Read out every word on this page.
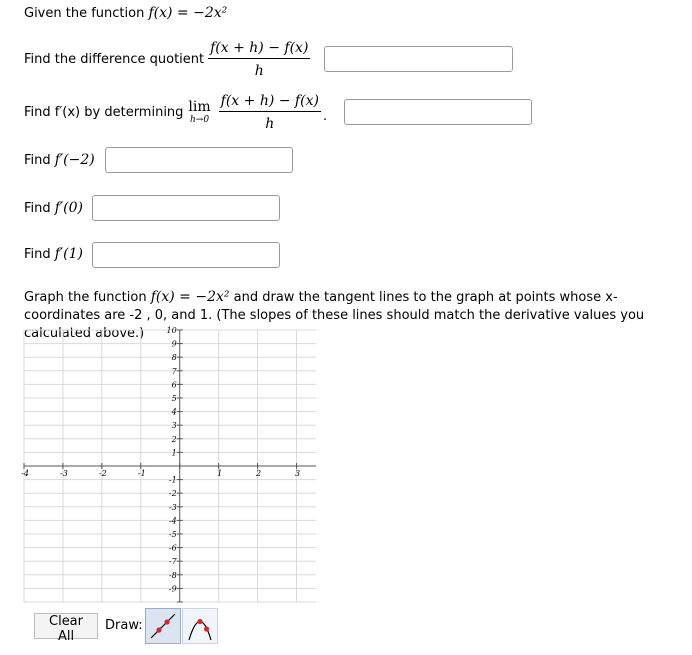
Given the function
f(x) = −2x²
Find the difference quotient $\frac{f(x + h) - f(x)}{h}$
Find f′(x) by determining lim
$h\to 0 \frac{f(x + h) - f(x)}{h}$ .
Find
f′(−2)
Find
f′(0)
Find
f′(1)
Graph the function f(x) = −2x² and draw the tangent lines to the graph at points whose x-coordinates are -2 , 0, and 1. (The slopes of these lines should match the derivative values you calculated above.)
-4	-3	-2	-1	1	2	3
10
9
8
7
6
5
4
3
2
1
-1
-2
-3
-4
-5
-6
-7
-8
-9
Clear All
Draw:
